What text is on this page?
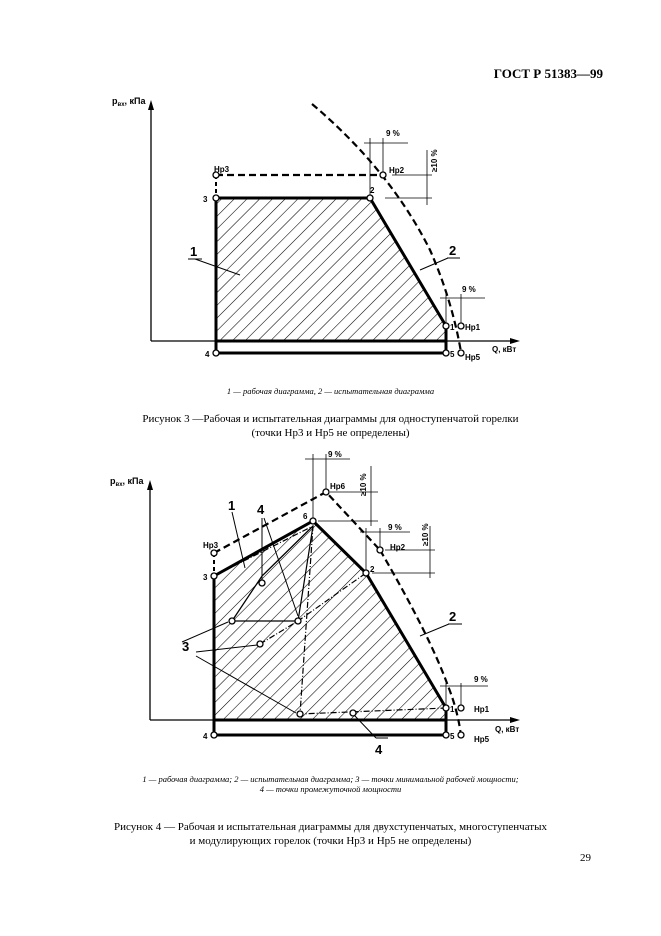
ГОСТ Р 51383—99
$p_{вх}$, кПа
Q, кВт
9 %
≥10 %
9 %
Нр3
3
2
Нр2
1 Нр1
4	5 Нр5
1	2
1 — рабочая диаграмма, 2 — испытательная диаграмма
Рисунок 3 —Рабочая и испытательная диаграммы для одноступенчатой горелки
(точки Нр3 и Нр5 не определены)
$p_{вх}$, кПа
Q, кВт
9 %
≥10 %
9 % ≥10 %
9 %
Нр3
3
6
Нр6
2
Нр2
1 Нр1
4	5 Нр5
1 4
3
4
2
1 — рабочая диаграмма; 2 — испытательная диаграмма; 3 — точки минимальной рабочей мощности;
4 — точки промежуточной мощности
Рисунок 4 — Рабочая и испытательная диаграммы для двухступенчатых, многоступенчатых
и модулирующих горелок (точки Нр3 и Нр5 не определены)
29
